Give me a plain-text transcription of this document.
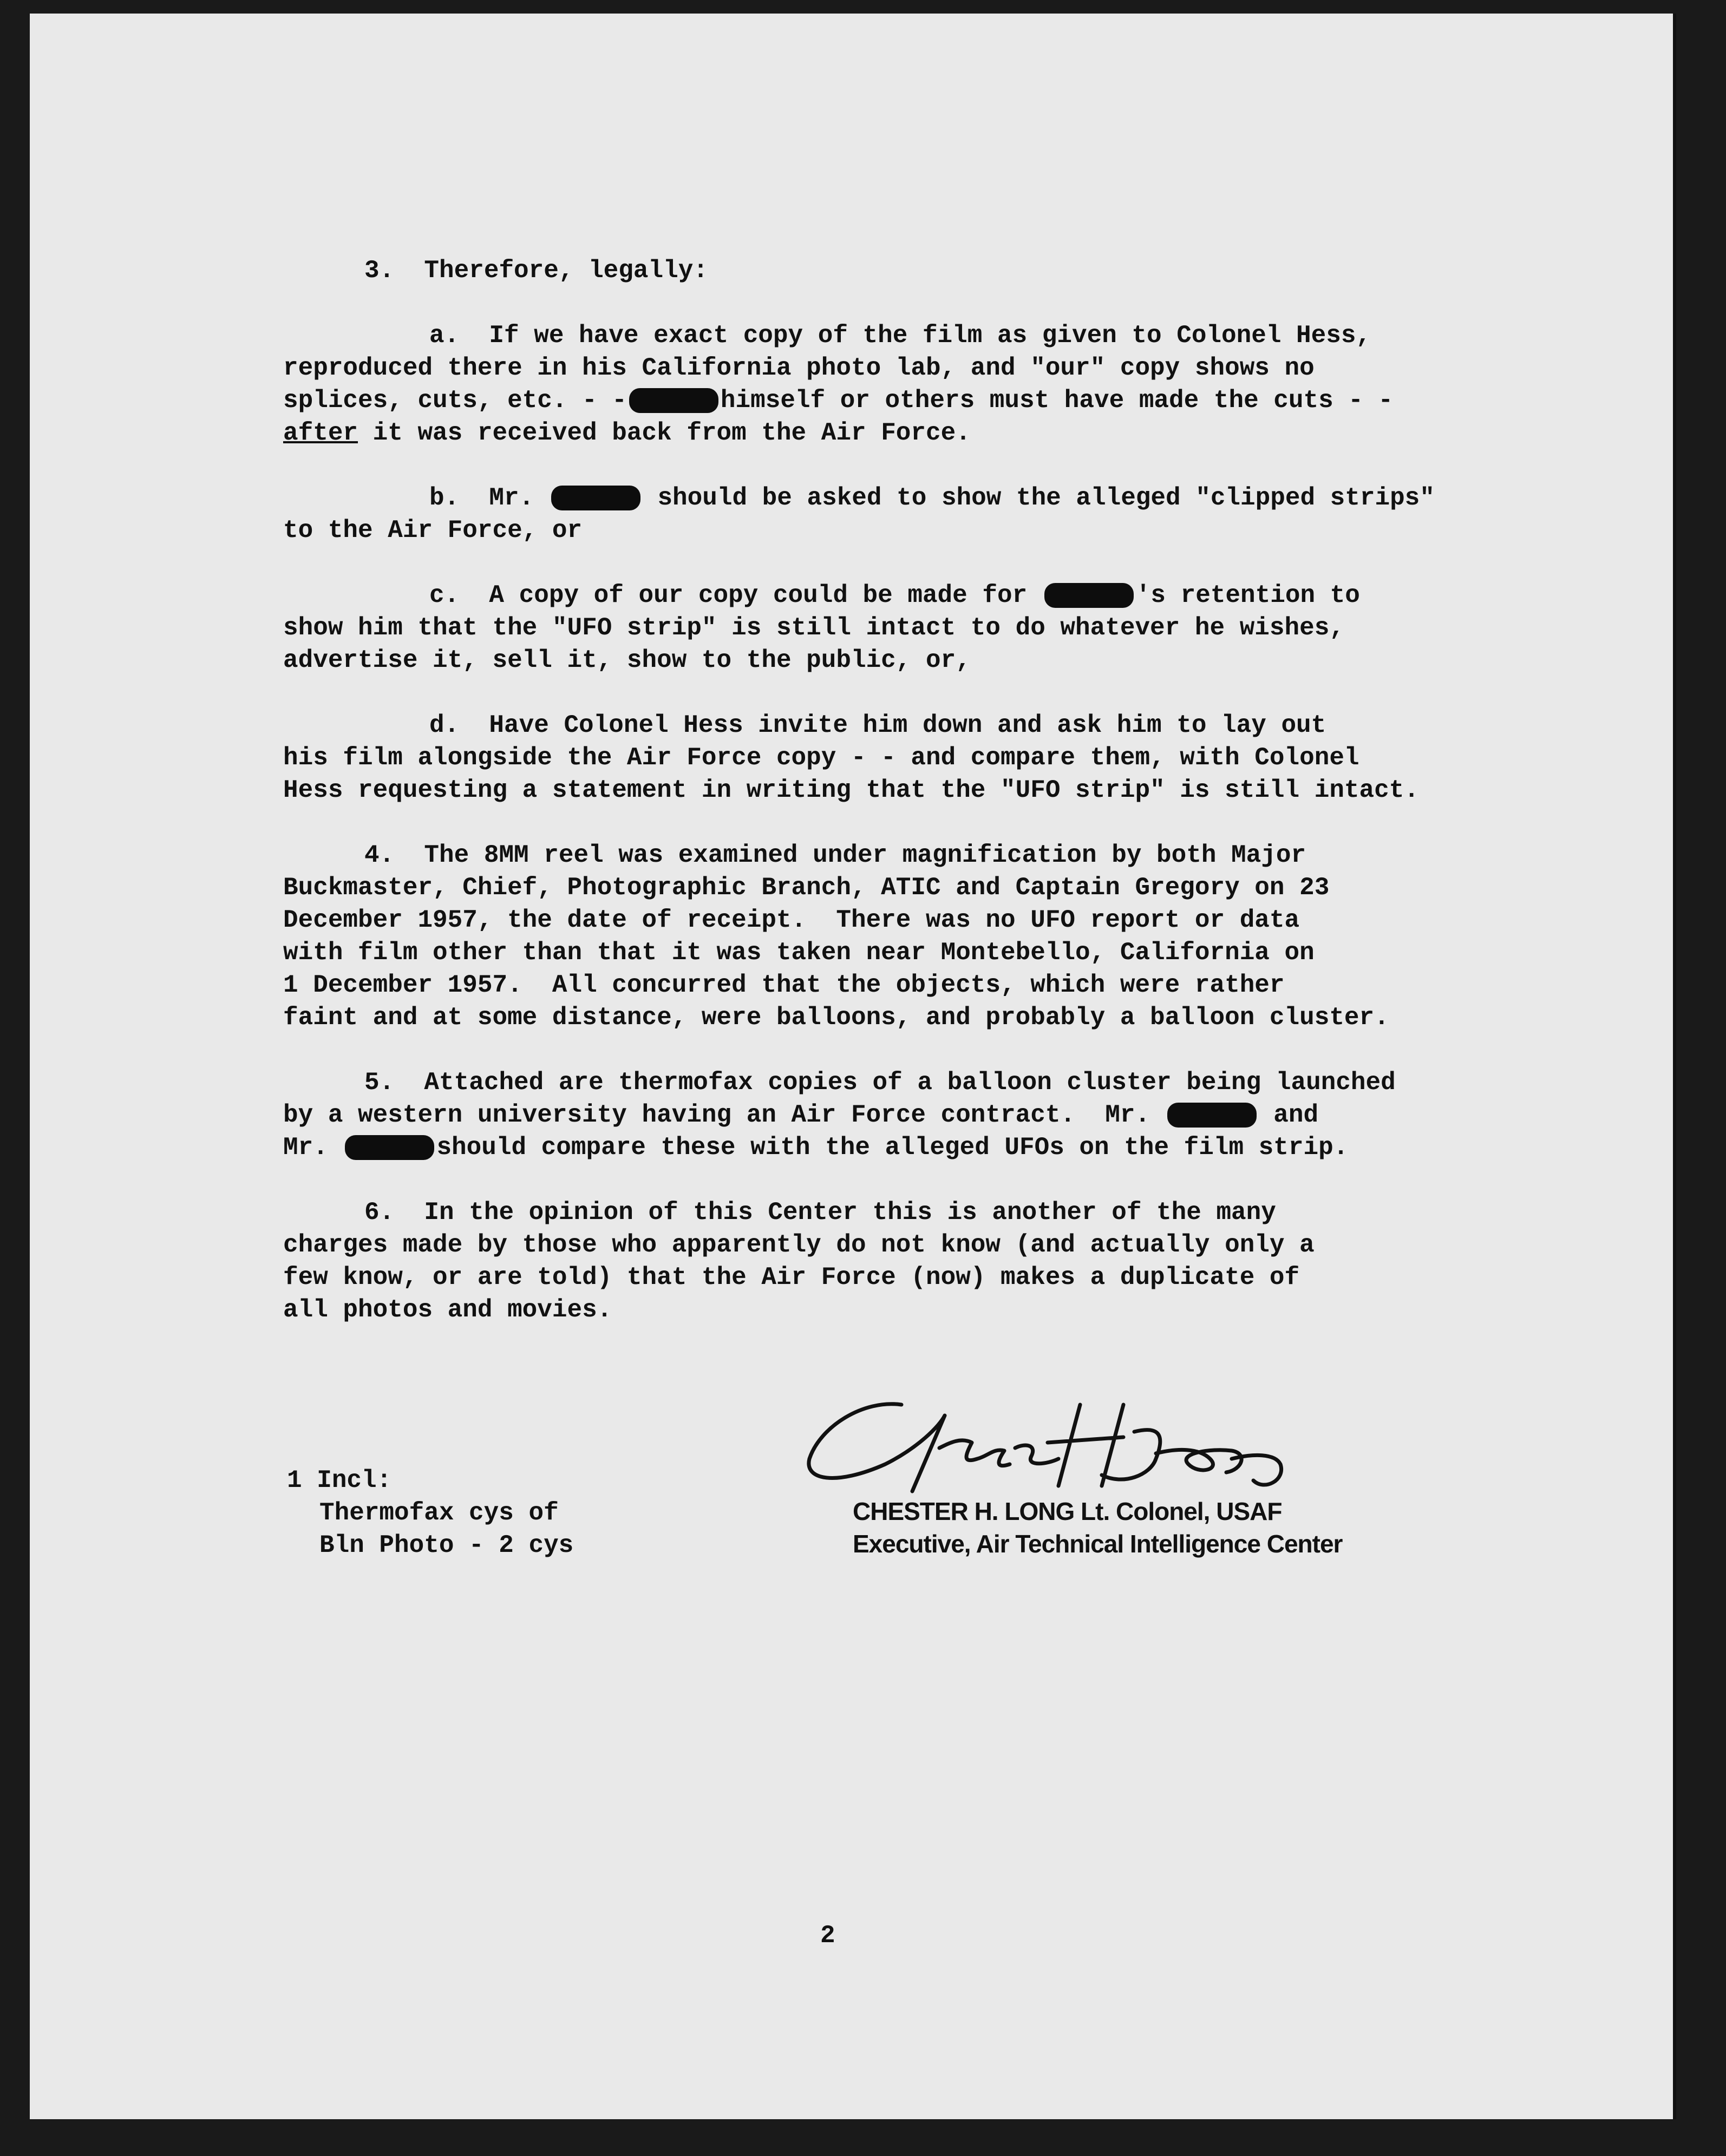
3.  Therefore, legally:
a.  If we have exact copy of the film as given to Colonel Hess,
reproduced there in his California photo lab, and "our" copy shows no
splices, cuts, etc. - -	himself or others must have made the cuts - -
after it was received back from the Air Force.
b.  Mr.	should be asked to show the alleged "clipped strips"
to the Air Force, or
c.  A copy of our copy could be made for	's retention to
show him that the "UFO strip" is still intact to do whatever he wishes,
advertise it, sell it, show to the public, or,
d.  Have Colonel Hess invite him down and ask him to lay out
his film alongside the Air Force copy - - and compare them, with Colonel
Hess requesting a statement in writing that the "UFO strip" is still intact.
4.  The 8MM reel was examined under magnification by both Major
Buckmaster, Chief, Photographic Branch, ATIC and Captain Gregory on 23
December 1957, the date of receipt.  There was no UFO report or data
with film other than that it was taken near Montebello, California on
1 December 1957.  All concurred that the objects, which were rather
faint and at some distance, were balloons, and probably a balloon cluster.
5.  Attached are thermofax copies of a balloon cluster being launched
by a western university having an Air Force contract.  Mr.	and
Mr.	should compare these with the alleged UFOs on the film strip.
6.  In the opinion of this Center this is another of the many
charges made by those who apparently do not know (and actually only a
few know, or are told) that the Air Force (now) makes a duplicate of
all photos and movies.
CHESTER H. LONG Lt. Colonel, USAF
Executive, Air Technical Intelligence Center
1 Incl:
Thermofax cys of
Bln Photo - 2 cys
2
